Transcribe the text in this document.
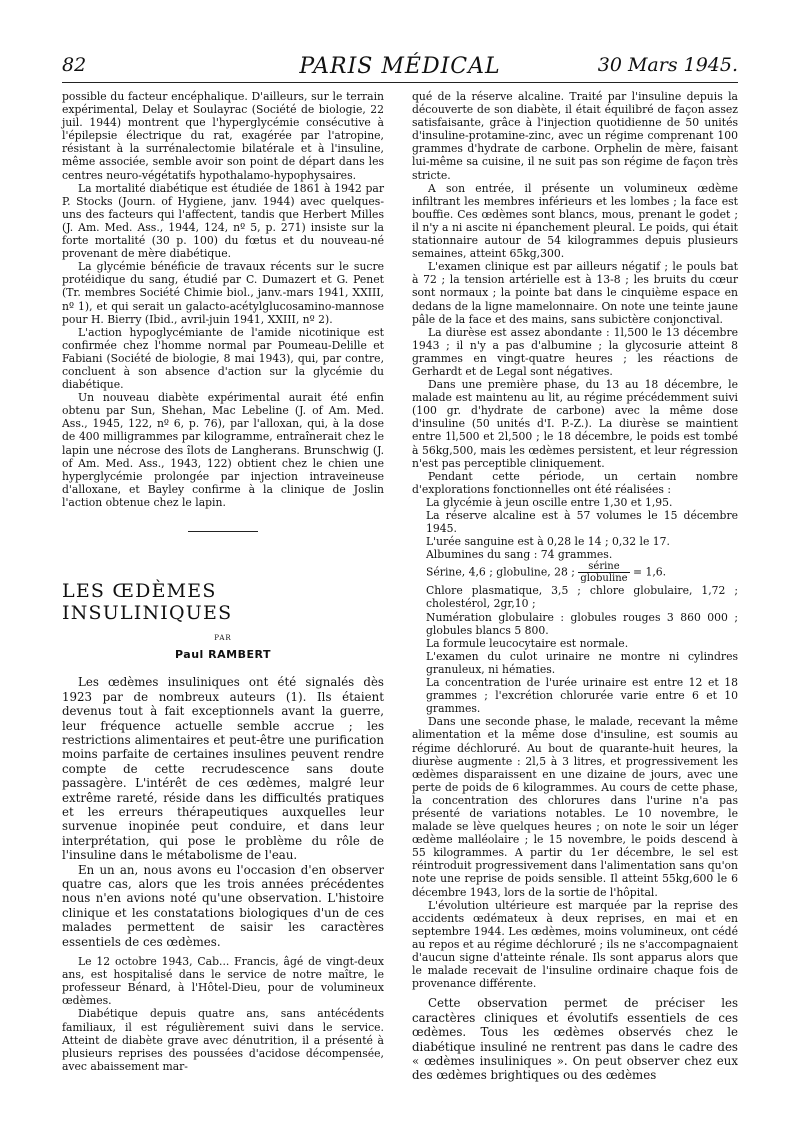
82	PARIS MÉDICAL	30 Mars 1945.

possible du facteur encéphalique. D'ailleurs, sur le terrain expérimental, Delay et Soulayrac (Société de biologie, 22 juil. 1944) montrent que l'hyperglycémie consécutive à l'épilepsie électrique du rat, exagérée par l'atropine, résistant à la surrénalectomie bilatérale et à l'insuline, même associée, semble avoir son point de départ dans les centres neuro-végétatifs hypothalamo-hypophysaires.

La mortalité diabétique est étudiée de 1861 à 1942 par P. Stocks (Journ. of Hygiene, janv. 1944) avec quelques-uns des facteurs qui l'affectent, tandis que Herbert Milles (J. Am. Med. Ass., 1944, 124, nº 5, p. 271) insiste sur la forte mortalité (30 p. 100) du fœtus et du nouveau-né provenant de mère diabétique.

La glycémie bénéficie de travaux récents sur le sucre protéidique du sang, étudié par C. Dumazert et G. Penet (Tr. membres Société Chimie biol., janv.-mars 1941, XXIII, nº 1), et qui serait un galacto-acétylglucosamino-mannose pour H. Bierry (Ibid., avril-juin 1941, XXIII, nº 2).

L'action hypoglycémiante de l'amide nicotinique est confirmée chez l'homme normal par Poumeau-Delille et Fabiani (Société de biologie, 8 mai 1943), qui, par contre, concluent à son absence d'action sur la glycémie du diabétique.

Un nouveau diabète expérimental aurait été enfin obtenu par Sun, Shehan, Mac Lebeline (J. of Am. Med. Ass., 1945, 122, nº 6, p. 76), par l'alloxan, qui, à la dose de 400 milligrammes par kilogramme, entraînerait chez le lapin une nécrose des îlots de Langherans. Brunschwig (J. of Am. Med. Ass., 1943, 122) obtient chez le chien une hyperglycémie prolongée par injection intraveineuse d'alloxane, et Bayley confirme à la clinique de Joslin l'action obtenue chez le lapin.

LES ŒDÈMES INSULINIQUES
PAR
Paul RAMBERT

Les œdèmes insuliniques ont été signalés dès 1923 par de nombreux auteurs (1). Ils étaient devenus tout à fait exceptionnels avant la guerre, leur fréquence actuelle semble accrue ; les restrictions alimentaires et peut-être une purification moins parfaite de certaines insulines peuvent rendre compte de cette recrudescence sans doute passagère. L'intérêt de ces œdèmes, malgré leur extrême rareté, réside dans les difficultés pratiques et les erreurs thérapeutiques auxquelles leur survenue inopinée peut conduire, et dans leur interprétation, qui pose le problème du rôle de l'insuline dans le métabolisme de l'eau.

En un an, nous avons eu l'occasion d'en observer quatre cas, alors que les trois années précédentes nous n'en avions noté qu'une observation. L'histoire clinique et les constatations biologiques d'un de ces malades permettent de saisir les caractères essentiels de ces œdèmes.

Le 12 octobre 1943, Cab... Francis, âgé de vingt-deux ans, est hospitalisé dans le service de notre maître, le professeur Bénard, à l'Hôtel-Dieu, pour de volumineux œdèmes.

Diabétique depuis quatre ans, sans antécédents familiaux, il est régulièrement suivi dans le service. Atteint de diabète grave avec dénutrition, il a présenté à plusieurs reprises des poussées d'acidose décompensée, avec abaissement mar-

qué de la réserve alcaline. Traité par l'insuline depuis la découverte de son diabète, il était équilibré de façon assez satisfaisante, grâce à l'injection quotidienne de 50 unités d'insuline-protamine-zinc, avec un régime comprenant 100 grammes d'hydrate de carbone. Orphelin de mère, faisant lui-même sa cuisine, il ne suit pas son régime de façon très stricte.

A son entrée, il présente un volumineux œdème infiltrant les membres inférieurs et les lombes ; la face est bouffie. Ces œdèmes sont blancs, mous, prenant le godet ; il n'y a ni ascite ni épanchement pleural. Le poids, qui était stationnaire autour de 54 kilogrammes depuis plusieurs semaines, atteint 65kg,300.

L'examen clinique est par ailleurs négatif ; le pouls bat à 72 ; la tension artérielle est à 13-8 ; les bruits du cœur sont normaux ; la pointe bat dans le cinquième espace en dedans de la ligne mamelonnaire. On note une teinte jaune pâle de la face et des mains, sans subictère conjonctival.

La diurèse est assez abondante : 1l,500 le 13 décembre 1943 ; il n'y a pas d'albumine ; la glycosurie atteint 8 grammes en vingt-quatre heures ; les réactions de Gerhardt et de Legal sont négatives.

Dans une première phase, du 13 au 18 décembre, le malade est maintenu au lit, au régime précédemment suivi (100 gr. d'hydrate de carbone) avec la même dose d'insuline (50 unités d'I. P.-Z.). La diurèse se maintient entre 1l,500 et 2l,500 ; le 18 décembre, le poids est tombé à 56kg,500, mais les œdèmes persistent, et leur régression n'est pas perceptible cliniquement.

Pendant cette période, un certain nombre d'explorations fonctionnelles ont été réalisées :

La glycémie à jeun oscille entre 1,30 et 1,95.

La réserve alcaline est à 57 volumes le 15 décembre 1945.

L'urée sanguine est à 0,28 le 14 ; 0,32 le 17.

Albumines du sang : 74 grammes.

Sérine, 4,6 ; globuline, 28 ; $\frac{\text{sérine}}{\text{globuline}} = 1,6$.

Chlore plasmatique, 3,5 ; chlore globulaire, 1,72 ; cholestérol, 2gr,10 ;

Numération globulaire : globules rouges 3 860 000 ; globules blancs 5 800.

La formule leucocytaire est normale.

L'examen du culot urinaire ne montre ni cylindres granuleux, ni hématies.

La concentration de l'urée urinaire est entre 12 et 18 grammes ; l'excrétion chlorurée varie entre 6 et 10 grammes.

Dans une seconde phase, le malade, recevant la même alimentation et la même dose d'insuline, est soumis au régime déchloruré. Au bout de quarante-huit heures, la diurèse augmente : 2l,5 à 3 litres, et progressivement les œdèmes disparaissent en une dizaine de jours, avec une perte de poids de 6 kilogrammes. Au cours de cette phase, la concentration des chlorures dans l'urine n'a pas présenté de variations notables. Le 10 novembre, le malade se lève quelques heures ; on note le soir un léger œdème malléolaire ; le 15 novembre, le poids descend à 55 kilogrammes. A partir du 1er décembre, le sel est réintroduit progressivement dans l'alimentation sans qu'on note une reprise de poids sensible. Il atteint 55kg,600 le 6 décembre 1943, lors de la sortie de l'hôpital.

L'évolution ultérieure est marquée par la reprise des accidents œdémateux à deux reprises, en mai et en septembre 1944. Les œdèmes, moins volumineux, ont cédé au repos et au régime déchloruré ; ils ne s'accompagnaient d'aucun signe d'atteinte rénale. Ils sont apparus alors que le malade recevait de l'insuline ordinaire chaque fois de provenance différente.

Cette observation permet de préciser les caractères cliniques et évolutifs essentiels de ces œdèmes. Tous les œdèmes observés chez le diabétique insuliné ne rentrent pas dans le cadre des « œdèmes insuliniques ». On peut observer chez eux des œdèmes brightiques ou des œdèmes
